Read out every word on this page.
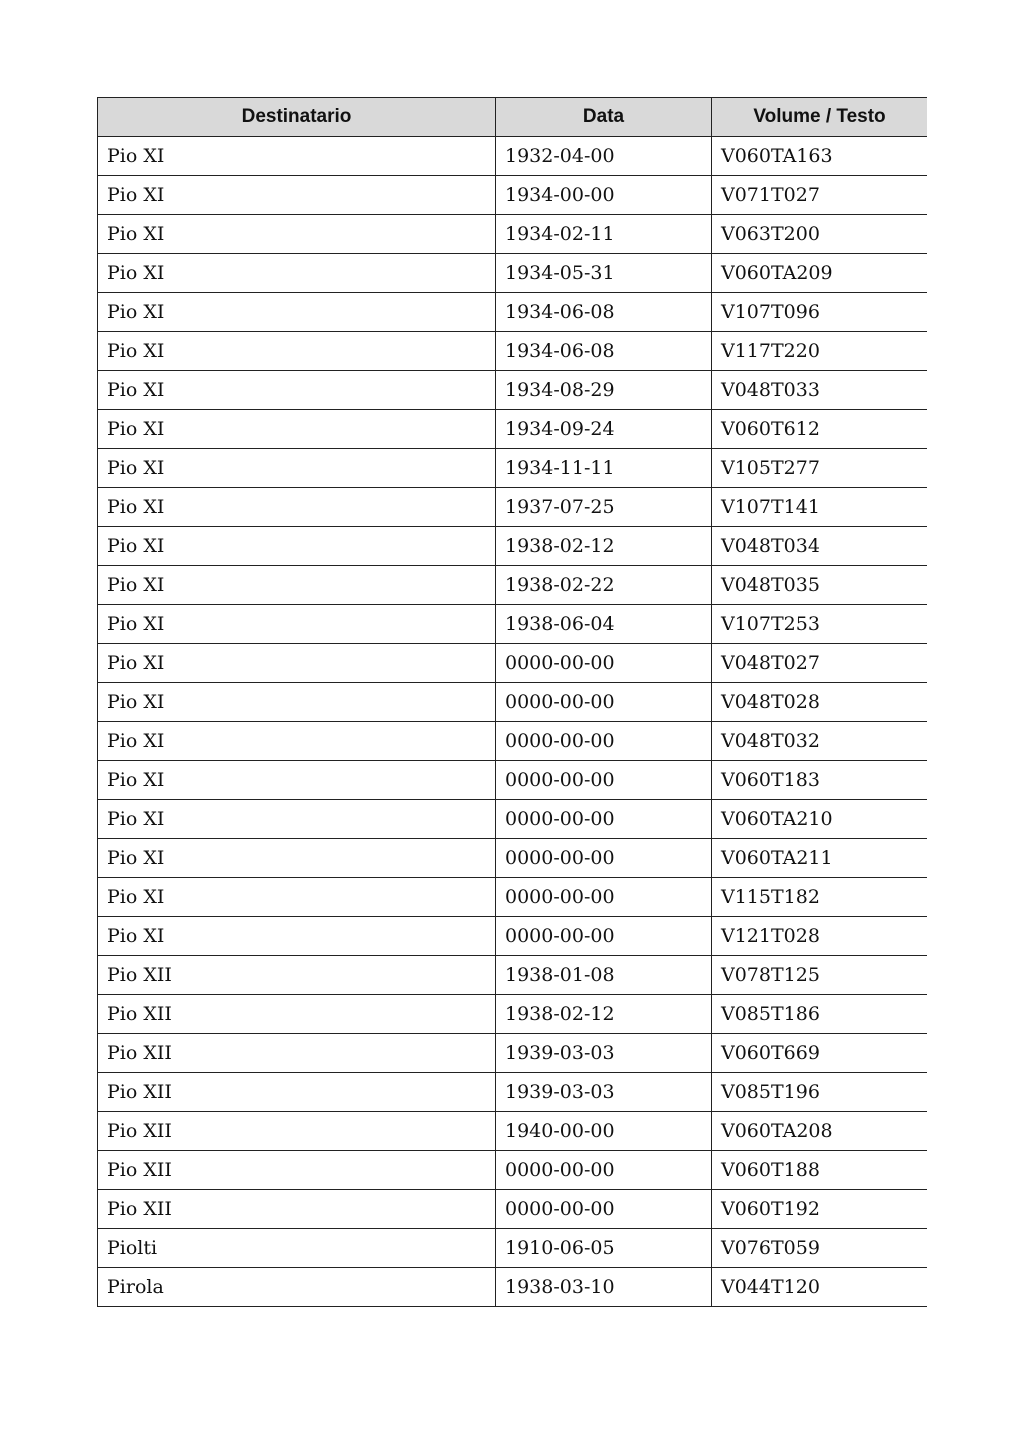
Destinatario	Data	Volume / Testo
Pio XI	1932-04-00	V060TA163
Pio XI	1934-00-00	V071T027
Pio XI	1934-02-11	V063T200
Pio XI	1934-05-31	V060TA209
Pio XI	1934-06-08	V107T096
Pio XI	1934-06-08	V117T220
Pio XI	1934-08-29	V048T033
Pio XI	1934-09-24	V060T612
Pio XI	1934-11-11	V105T277
Pio XI	1937-07-25	V107T141
Pio XI	1938-02-12	V048T034
Pio XI	1938-02-22	V048T035
Pio XI	1938-06-04	V107T253
Pio XI	0000-00-00	V048T027
Pio XI	0000-00-00	V048T028
Pio XI	0000-00-00	V048T032
Pio XI	0000-00-00	V060T183
Pio XI	0000-00-00	V060TA210
Pio XI	0000-00-00	V060TA211
Pio XI	0000-00-00	V115T182
Pio XI	0000-00-00	V121T028
Pio XII	1938-01-08	V078T125
Pio XII	1938-02-12	V085T186
Pio XII	1939-03-03	V060T669
Pio XII	1939-03-03	V085T196
Pio XII	1940-00-00	V060TA208
Pio XII	0000-00-00	V060T188
Pio XII	0000-00-00	V060T192
Piolti	1910-06-05	V076T059
Pirola	1938-03-10	V044T120
